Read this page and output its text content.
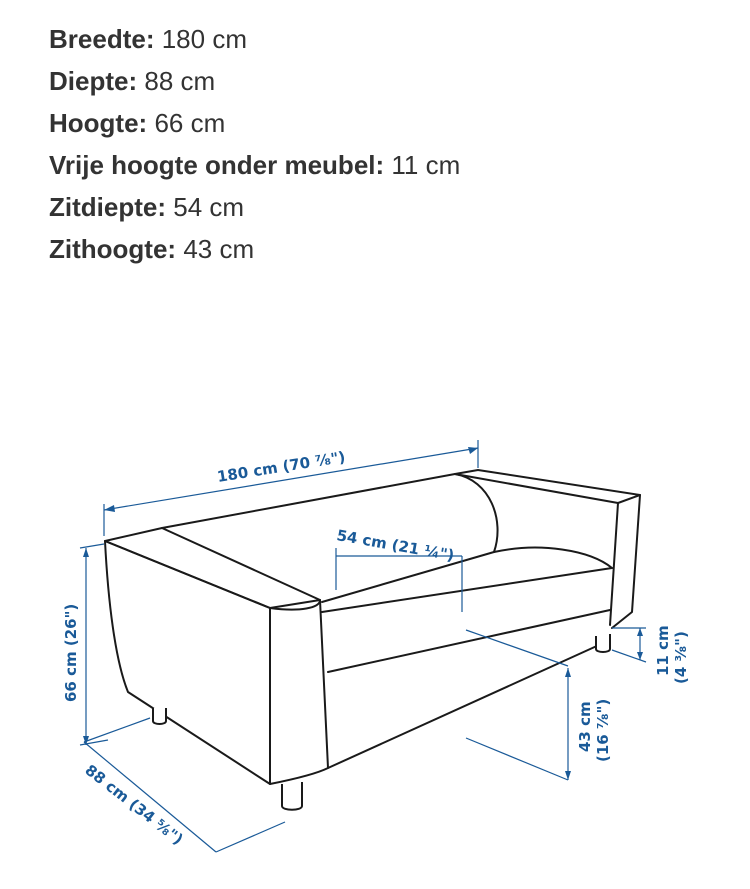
Breedte: 180 cm
Diepte: 88 cm
Hoogte: 66 cm
Vrije hoogte onder meubel: 11 cm
Zitdiepte: 54 cm
Zithoogte: 43 cm
180 cm (70 ⁷⁄₈")
54 cm (21 ¼")
66 cm (26")
88 cm (34 ⁵⁄₈")
43 cm (16 ⁷⁄₈")
11 cm (4 ³⁄₈")
